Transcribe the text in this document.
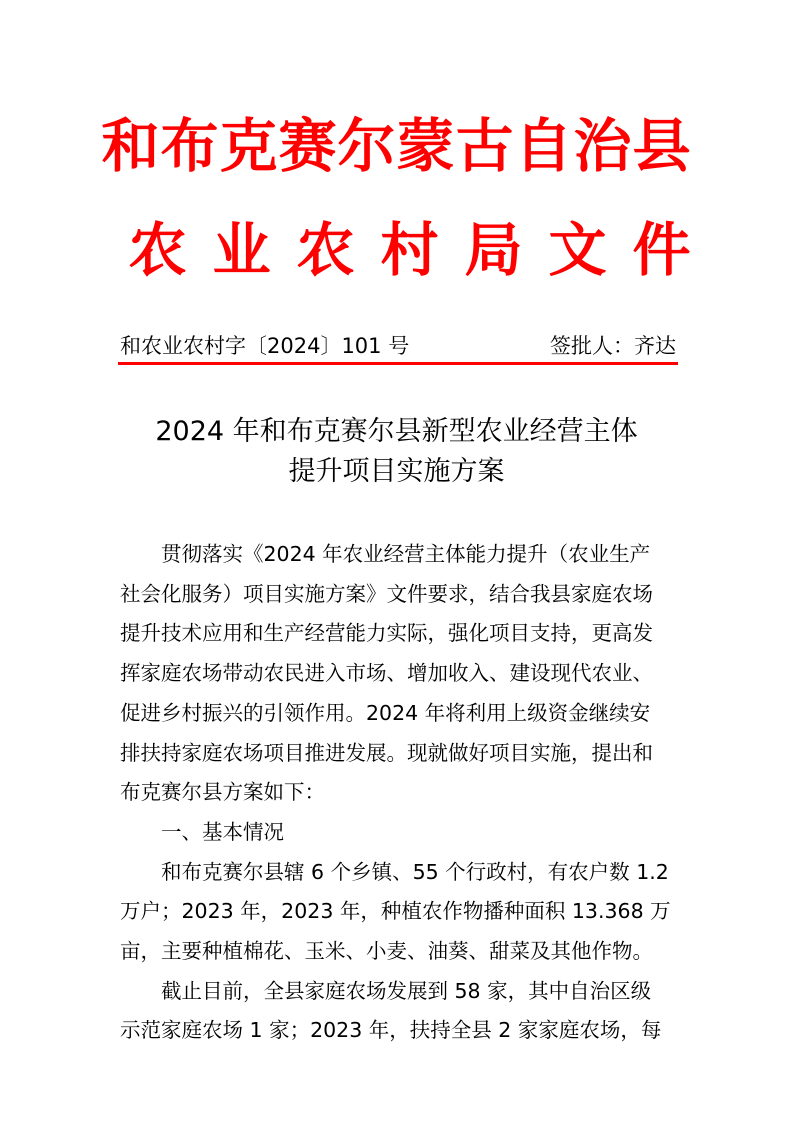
和布克赛尔蒙古自治县
农业农村局文件
和农业农村字〔2024〕101 号	签批人：齐达
2024 年和布克赛尔县新型农业经营主体
提升项目实施方案

贯彻落实《2024 年农业经营主体能力提升（农业生产
社会化服务）项目实施方案》文件要求，结合我县家庭农场
提升技术应用和生产经营能力实际，强化项目支持，更高发
挥家庭农场带动农民进入市场、增加收入、建设现代农业、
促进乡村振兴的引领作用。2024 年将利用上级资金继续安
排扶持家庭农场项目推进发展。现就做好项目实施，提出和
布克赛尔县方案如下：

一、基本情况

和布克赛尔县辖 6 个乡镇、55 个行政村，有农户数 1.2
万户；2023 年，2023 年，种植农作物播种面积 13.368 万
亩，主要种植棉花、玉米、小麦、油葵、甜菜及其他作物。

截止目前，全县家庭农场发展到 58 家，其中自治区级
示范家庭农场 1 家；2023 年，扶持全县 2 家家庭农场，每
